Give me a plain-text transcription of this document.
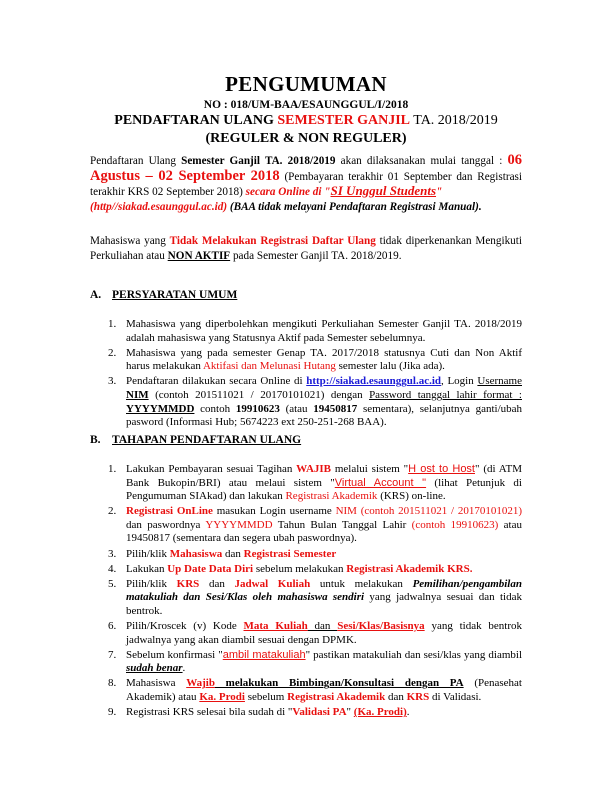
PENGUMUMAN
NO : 018/UM-BAA/ESAUNGGUL/I/2018
PENDAFTARAN ULANG SEMESTER GANJIL TA. 2018/2019
(REGULER & NON REGULER)
Pendaftaran Ulang Semester Ganjil TA. 2018/2019 akan dilaksanakan mulai tanggal : 06 Agustus – 02 September 2018 (Pembayaran terakhir 01 September dan Registrasi terakhir KRS 02 September 2018) secara Online di "SI Unggul Students"
(http//siakad.esaunggul.ac.id) (BAA tidak melayani Pendaftaran Registrasi Manual).
Mahasiswa yang Tidak Melakukan Registrasi Daftar Ulang tidak diperkenankan Mengikuti Perkuliahan atau NON AKTIF pada Semester Ganjil TA. 2018/2019.
A. PERSYARATAN UMUM
1. Mahasiswa yang diperbolehkan mengikuti Perkuliahan Semester Ganjil TA. 2018/2019 adalah mahasiswa yang Statusnya Aktif pada Semester sebelumnya.
2. Mahasiswa yang pada semester Genap TA. 2017/2018 statusnya Cuti dan Non Aktif harus melakukan Aktifasi dan Melunasi Hutang semester lalu (Jika ada).
3. Pendaftaran dilakukan secara Online di http://siakad.esaunggul.ac.id, Login Username NIM (contoh 201511021 / 20170101021) dengan Password tanggal lahir format : YYYYMMDD contoh 19910623 (atau 19450817 sementara), selanjutnya ganti/ubah pasword (Informasi Hub; 5674223 ext 250-251-268 BAA).
B. TAHAPAN PENDAFTARAN ULANG
1. Lakukan Pembayaran sesuai Tagihan WAJIB melalui sistem "H ost to Host" (di ATM Bank Bukopin/BRI) atau melaui sistem "Virtual Account " (lihat Petunjuk di Pengumuman SIAkad) dan lakukan Registrasi Akademik (KRS) on-line.
2. Registrasi OnLine masukan Login username NIM (contoh 201511021 / 20170101021) dan paswordnya YYYYMMDD Tahun Bulan Tanggal Lahir (contoh 19910623) atau 19450817 (sementara dan segera ubah paswordnya).
3. Pilih/klik Mahasiswa dan Registrasi Semester
4. Lakukan Up Date Data Diri sebelum melakukan Registrasi Akademik KRS.
5. Pilih/klik KRS dan Jadwal Kuliah untuk melakukan Pemilihan/pengambilan matakuliah dan Sesi/Klas oleh mahasiswa sendiri yang jadwalnya sesuai dan tidak bentrok.
6. Pilih/Kroscek (v) Kode Mata Kuliah dan Sesi/Klas/Basisnya yang tidak bentrok jadwalnya yang akan diambil sesuai dengan DPMK.
7. Sebelum konfirmasi "ambil matakuliah" pastikan matakuliah dan sesi/klas yang diambil sudah benar.
8. Mahasiswa Wajib melakukan Bimbingan/Konsultasi dengan PA (Penasehat Akademik) atau Ka. Prodi sebelum Registrasi Akademik dan KRS di Validasi.
9. Registrasi KRS selesai bila sudah di "Validasi PA" (Ka. Prodi).
